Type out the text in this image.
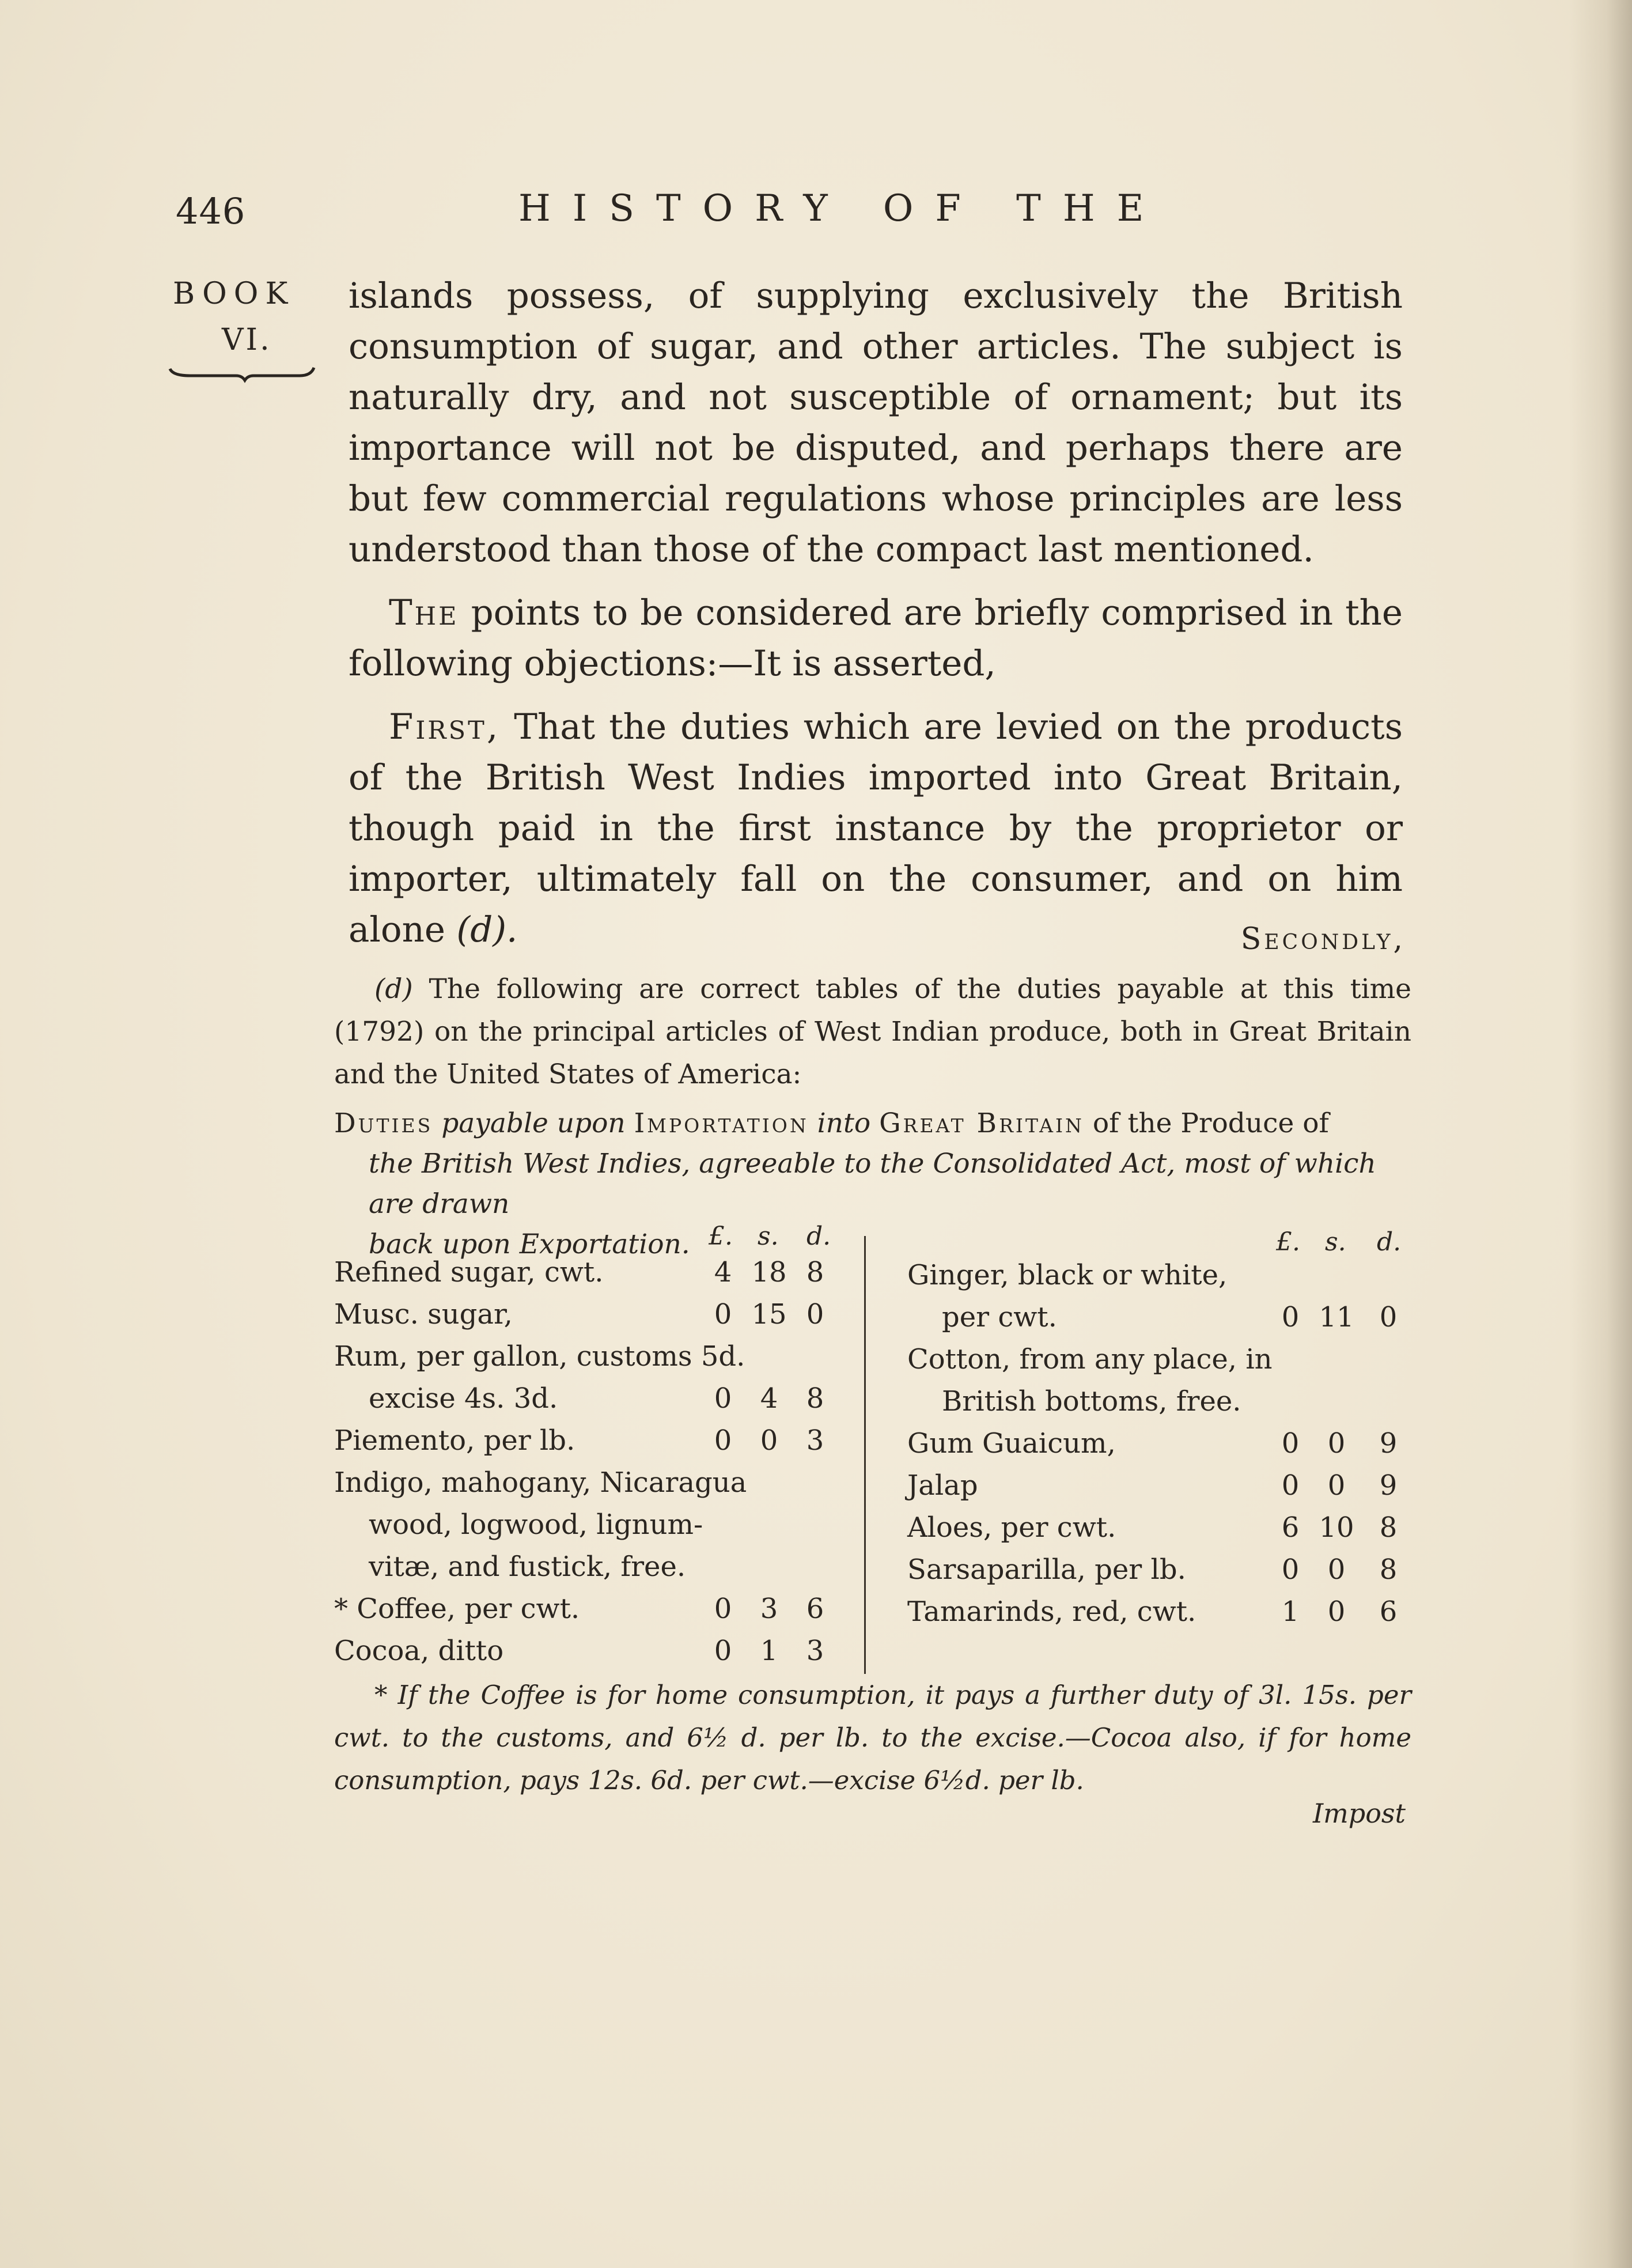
446	HISTORY OF THE
BOOK
VI.

islands possess, of supplying exclusively the British consumption of sugar, and other articles. The subject is naturally dry, and not susceptible of ornament; but its importance will not be disputed, and perhaps there are but few commercial regulations whose principles are less understood than those of the compact last mentioned.

The points to be considered are briefly comprised in the following objections:—It is asserted,

First, That the duties which are levied on the products of the British West Indies imported into Great Britain, though paid in the first instance by the proprietor or importer, ultimately fall on the consumer, and on him alone (d).	Secondly,

(d) The following are correct tables of the duties payable at this time (1792) on the principal articles of West Indian produce, both in Great Britain and the United States of America:

Duties payable upon Importation into Great Britain of the Produce of

the British West Indies, agreeable to the Consolidated Act, most of which are drawn

back upon Exportation. £. s. d.
Refined sugar, cwt.	4 18 8
Musc. sugar,	0 15 0
Rum, per gallon, customs 5d.
excise 4s. 3d.	0	4	8
Piemento, per lb.	0	0	3
Indigo, mahogany, Nicaragua
wood, logwood, lignum-
vitæ, and fustick, free.
* Coffee, per cwt.	0	3	6
Cocoa, ditto	0	1	3
£. s. d.
Ginger, black or white,
per cwt.	0 11 0
Cotton, from any place, in
British bottoms, free.
Gum Guaicum,	0	0	9
Jalap	0	0	9
Aloes, per cwt.	6 10 8
Sarsaparilla, per lb.	0	0	8
Tamarinds, red, cwt.	1	0	6

* If the Coffee is for home consumption, it pays a further duty of 3l. 15s. per cwt. to the customs, and 6½ d. per lb. to the excise.—Cocoa also, if for home consumption, pays 12s. 6d. per cwt.—excise 6½d. per lb.

Impost
